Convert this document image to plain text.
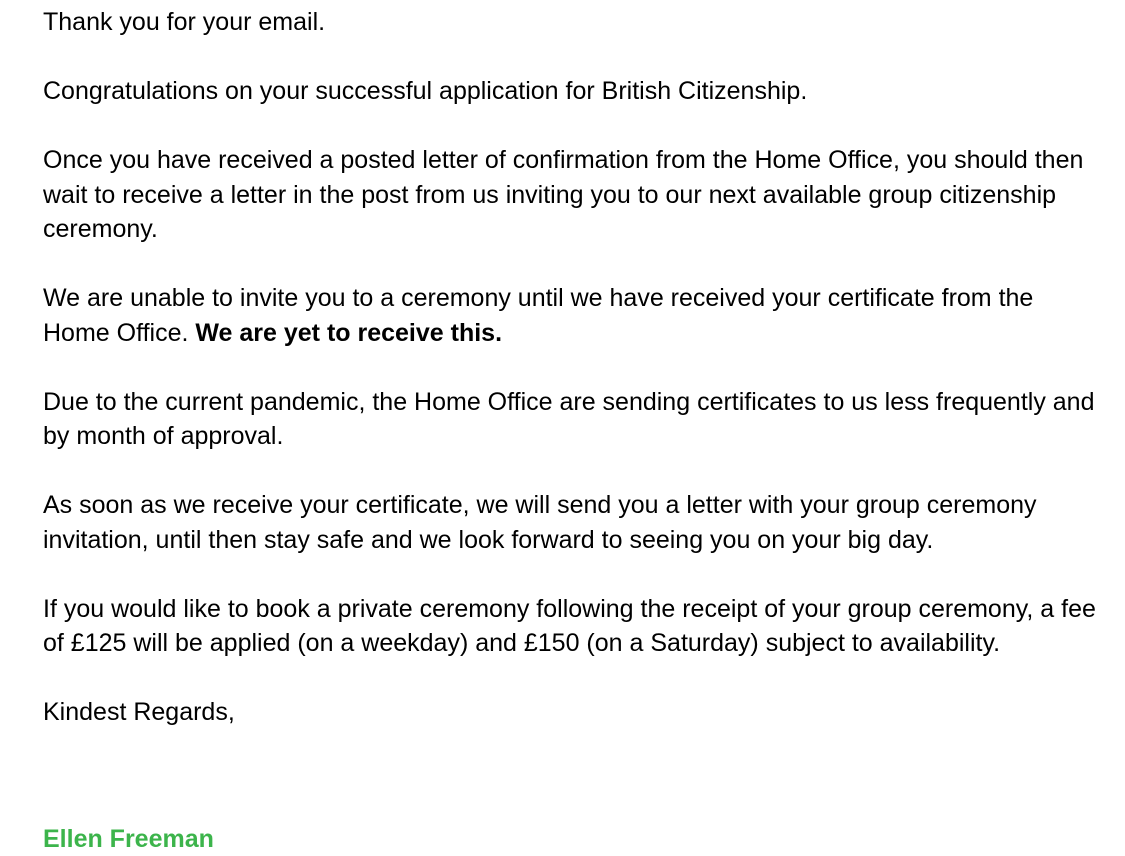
Thank you for your email.

Congratulations on your successful application for British Citizenship.

Once you have received a posted letter of confirmation from the Home Office, you should then wait to receive a letter in the post from us inviting you to our next available group citizenship ceremony.

We are unable to invite you to a ceremony until we have received your certificate from the Home Office. We are yet to receive this.

Due to the current pandemic, the Home Office are sending certificates to us less frequently and by month of approval.

As soon as we receive your certificate, we will send you a letter with your group ceremony invitation, until then stay safe and we look forward to seeing you on your big day.

If you would like to book a private ceremony following the receipt of your group ceremony, a fee of £125 will be applied (on a weekday) and £150 (on a Saturday) subject to availability.

Kindest Regards,

Ellen Freeman
